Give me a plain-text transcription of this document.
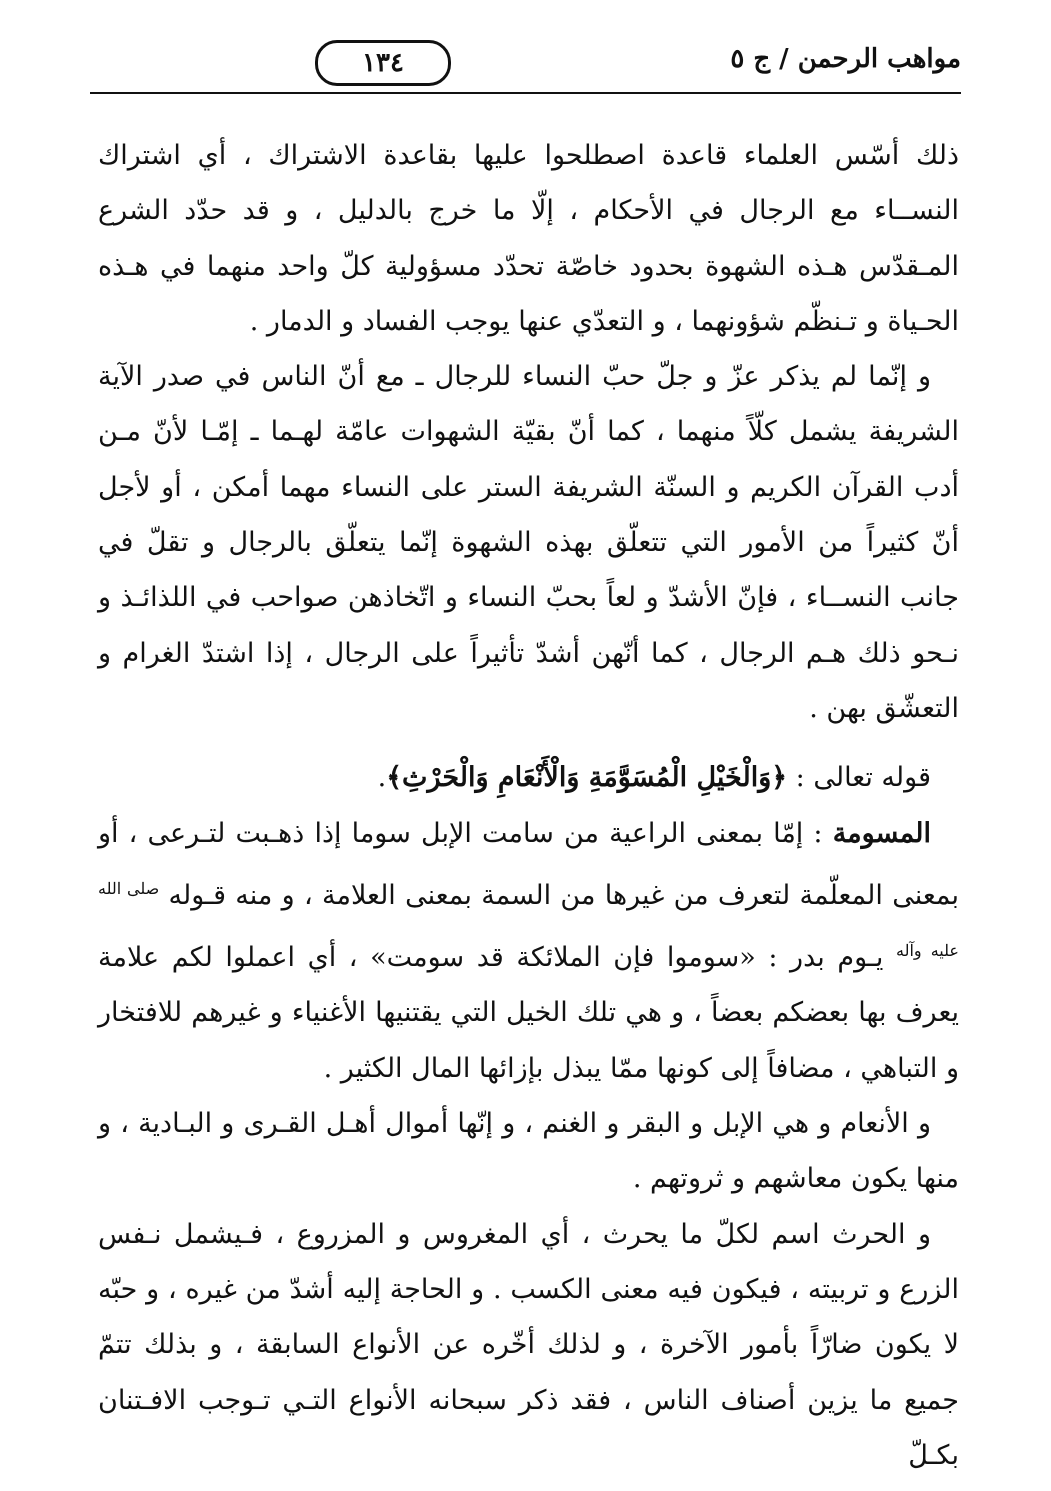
مواهب الرحمن / ج ٥
١٣٤

ذلك أسّس العلماء قاعدة اصطلحوا عليها بقاعدة الاشتراك ، أي اشتراك النســاء مع الرجال في الأحكام ، إلّا ما خرج بالدليل ، و قد حدّد الشرع المـقدّس هـذه الشهوة بحدود خاصّة تحدّد مسؤولية كلّ واحد منهما في هـذه الحـياة و تـنظّم شؤونهما ، و التعدّي عنها يوجب الفساد و الدمار .

و إنّما لم يذكر عزّ و جلّ حبّ النساء للرجال ـ مع أنّ الناس في صدر الآية الشريفة يشمل كلّاً منهما ، كما أنّ بقيّة الشهوات عامّة لهـما ـ إمّـا لأنّ مـن أدب القرآن الكريم و السنّة الشريفة الستر على النساء مهما أمكن ، أو لأجل أنّ كثيراً من الأمور التي تتعلّق بهذه الشهوة إنّما يتعلّق بالرجال و تقلّ في جانب النســاء ، فإنّ الأشدّ و لعاً بحبّ النساء و اتّخاذهن صواحب في اللذائـذ و نـحو ذلك هـم الرجال ، كما أنّهن أشدّ تأثيراً على الرجال ، إذا اشتدّ الغرام و التعشّق بهن .

قوله تعالى : ﴿وَالْخَيْلِ الْمُسَوَّمَةِ وَالْأَنْعَامِ وَالْحَرْثِ﴾.

المسومة : إمّا بمعنى الراعية من سامت الإبل سوما إذا ذهـبت لتـرعى ، أو بمعنى المعلّمة لتعرف من غيرها من السمة بمعنى العلامة ، و منه قـوله $^{صلى الله عليه وآله}$ يـوم بدر : «سوموا فإن الملائكة قد سومت» ، أي اعملوا لكم علامة يعرف بها بعضكم بعضاً ، و هي تلك الخيل التي يقتنيها الأغنياء و غيرهم للافتخار و التباهي ، مضافاً إلى كونها ممّا يبذل بإزائها المال الكثير .

و الأنعام و هي الإبل و البقر و الغنم ، و إنّها أموال أهـل القـرى و البـادية ، و منها يكون معاشهم و ثروتهم .

و الحرث اسم لكلّ ما يحرث ، أي المغروس و المزروع ، فـيشمل نـفس الزرع و تربيته ، فيكون فيه معنى الكسب . و الحاجة إليه أشدّ من غيره ، و حبّه لا يكون ضارّاً بأمور الآخرة ، و لذلك أخّره عن الأنواع السابقة ، و بذلك تتمّ جميع ما يزين أصناف الناس ، فقد ذكر سبحانه الأنواع التـي تـوجب الافـتنان بكـلّ
